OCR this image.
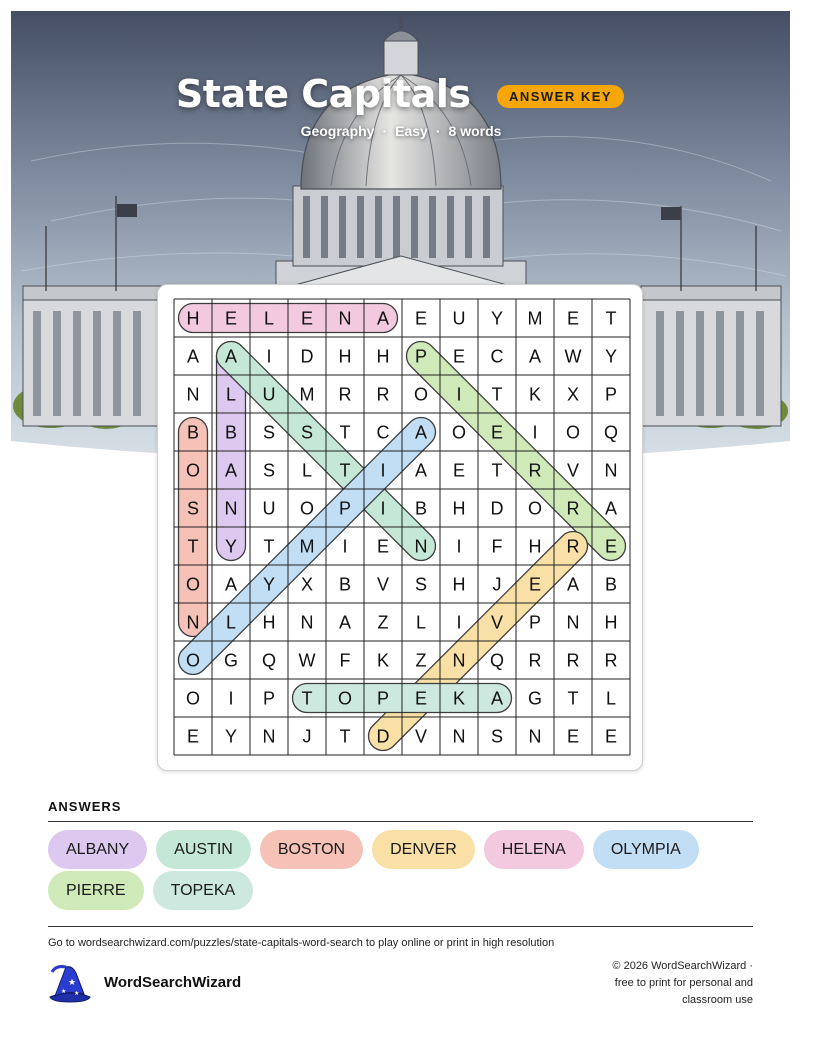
State Capitals	ANSWER KEY
Geography · Easy · 8 words
H E L E N A E U Y M E T
A A I D H H P E C A W Y
N L U M R R O I T K X P
B B S S T C A O E I O Q
O A S L T I A E T R V N
S N U O P I B H D O R A
T Y T M I E N I F H R E
O A Y X B V S H J E A B
N L H N A Z L I V P N H
O G Q W F K Z N Q R R R
O I P T O P E K A G T L
E Y N J T D V N S N E E
ANSWERS
ALBANY	AUSTIN	BOSTON	DENVER	HELENA	OLYMPIAPIERRE	TOPEKA
Go to wordsearchwizard.com/puzzles/state-capitals-word-search to play online or print in high resolution
★
★ ★
WordSearchWizard
© 2026 WordSearchWizard ·
free to print for personal and
classroom use
